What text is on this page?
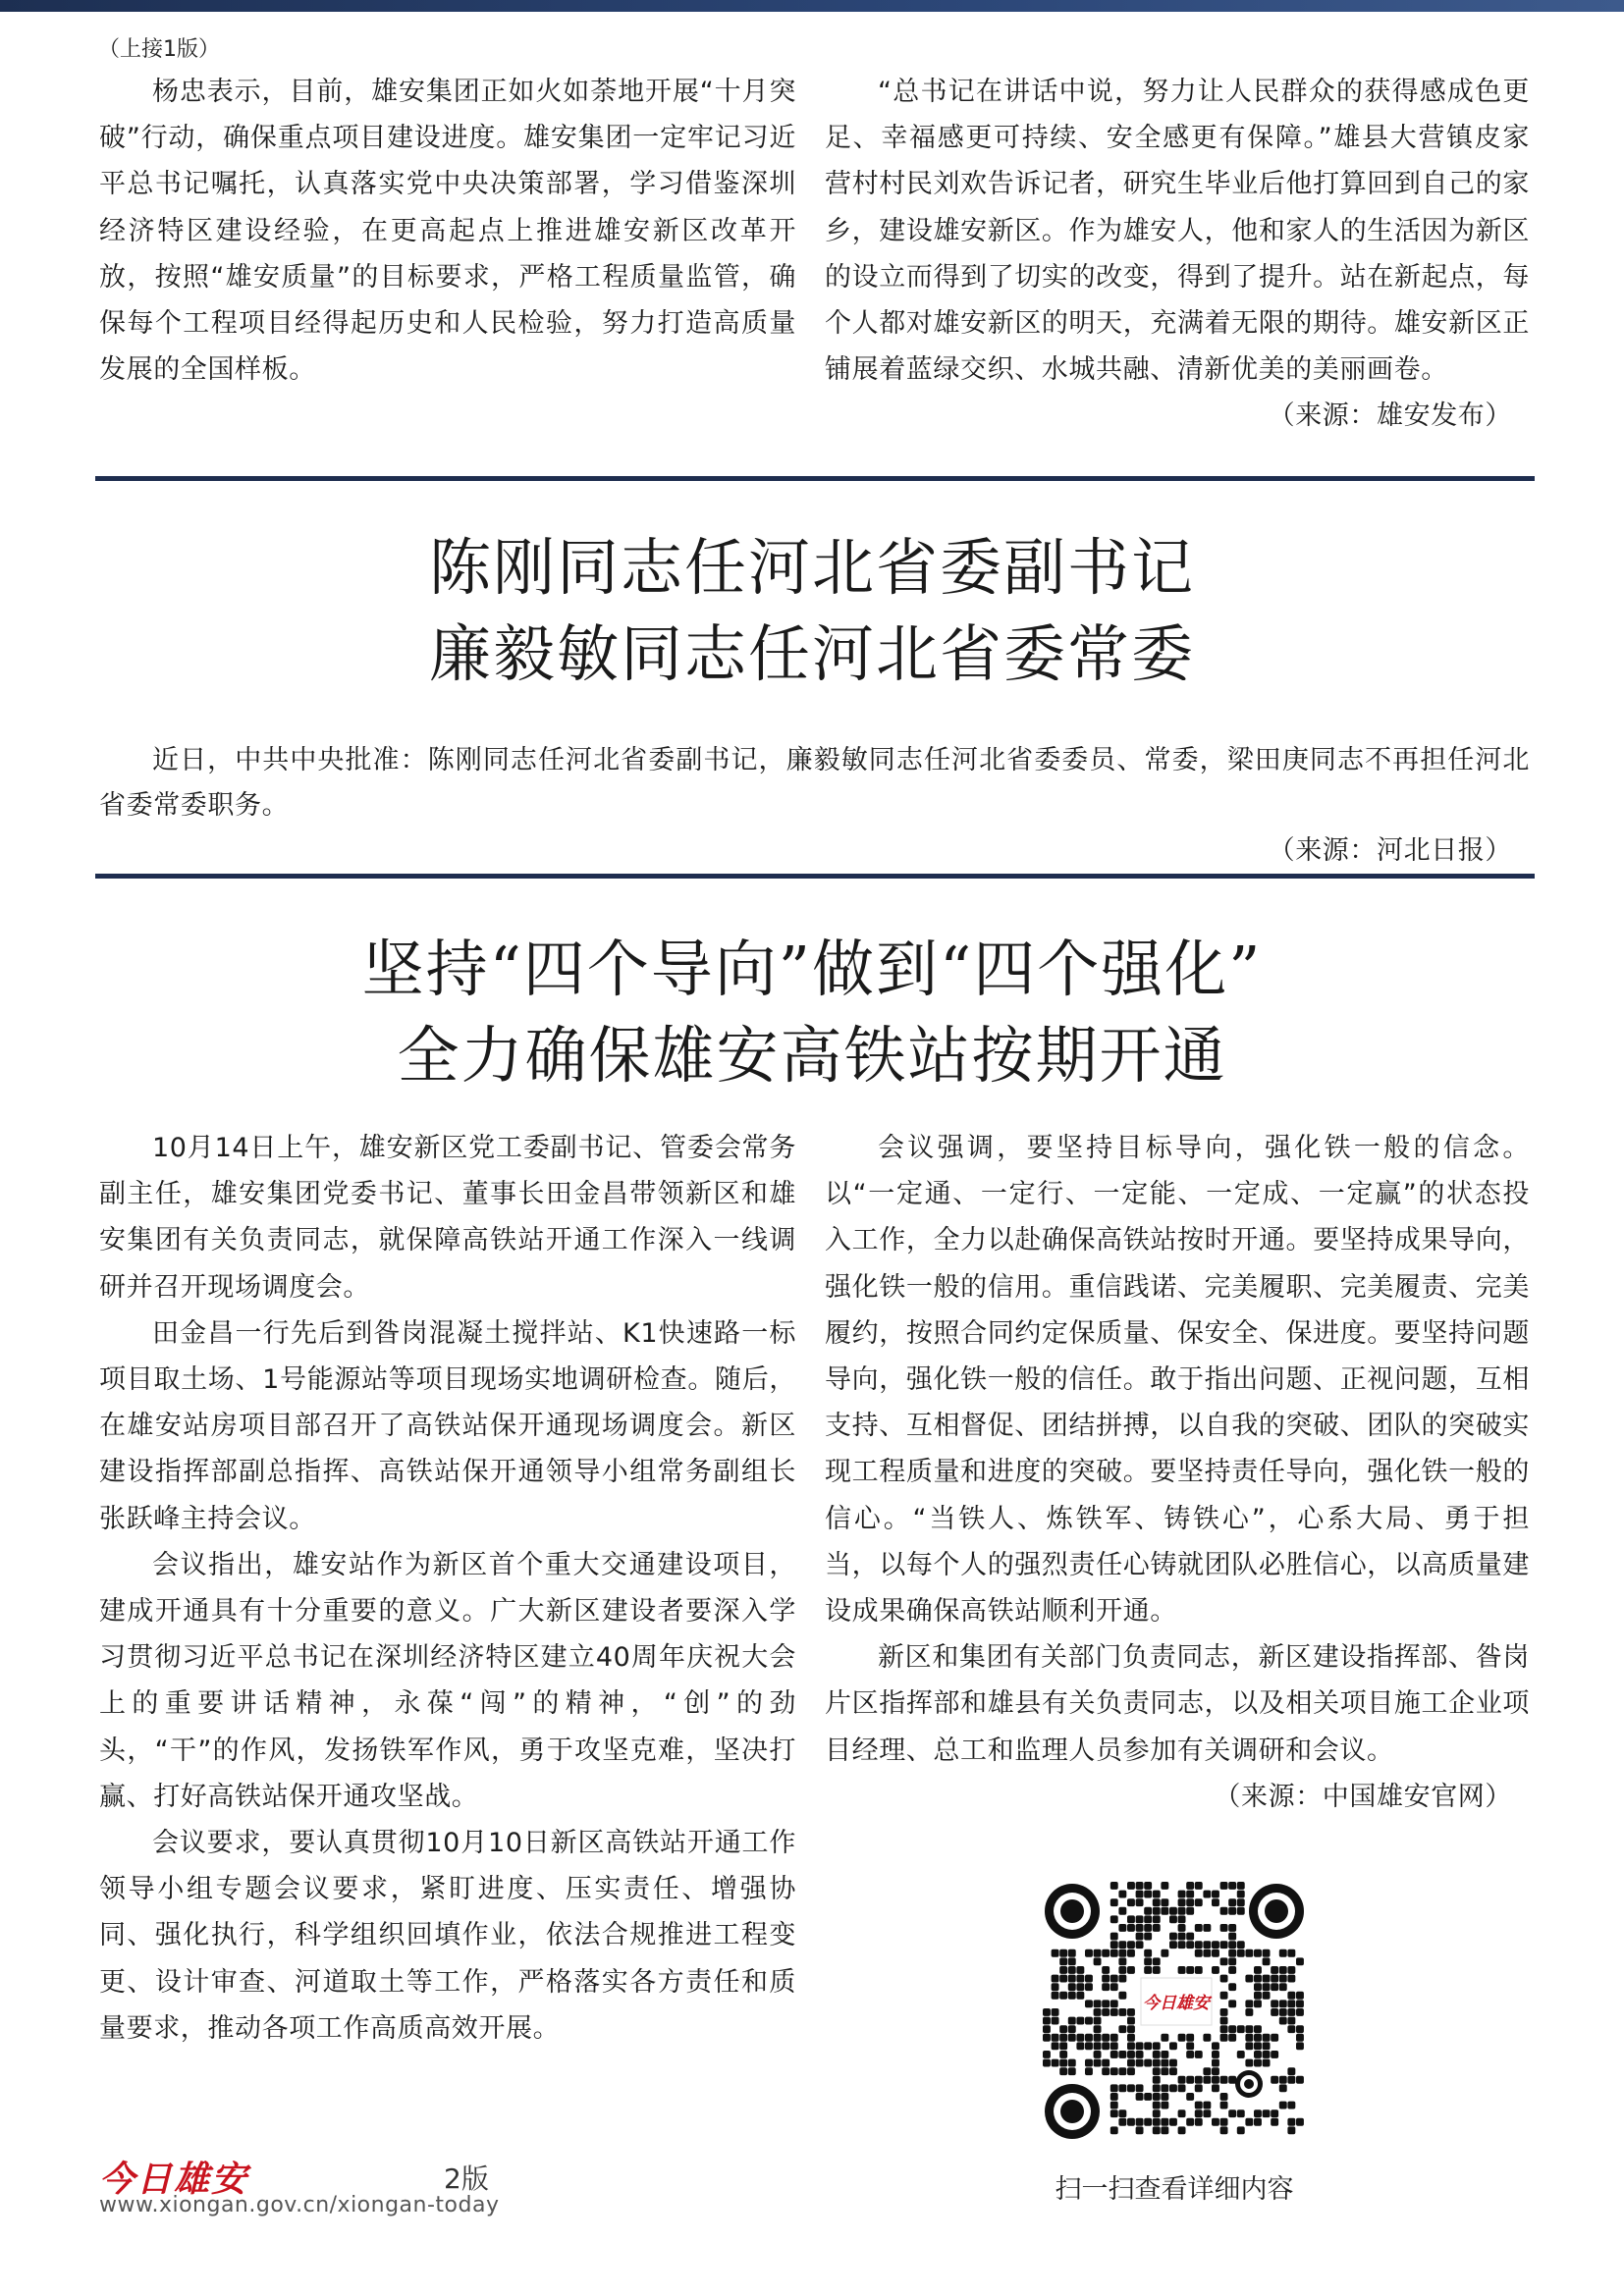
（上接1版）

杨忠表示，目前，雄安集团正如火如荼地开展“十月突破”行动，确保重点项目建设进度。雄安集团一定牢记习近平总书记嘱托，认真落实党中央决策部署，学习借鉴深圳经济特区建设经验，在更高起点上推进雄安新区改革开放，按照“雄安质量”的目标要求，严格工程质量监管，确保每个工程项目经得起历史和人民检验，努力打造高质量发展的全国样板。

“总书记在讲话中说，努力让人民群众的获得感成色更足、幸福感更可持续、安全感更有保障。”雄县大营镇皮家营村村民刘欢告诉记者，研究生毕业后他打算回到自己的家乡，建设雄安新区。作为雄安人，他和家人的生活因为新区的设立而得到了切实的改变，得到了提升。站在新起点，每个人都对雄安新区的明天，充满着无限的期待。雄安新区正铺展着蓝绿交织、水城共融、清新优美的美丽画卷。

（来源：雄安发布）
陈刚同志任河北省委副书记
廉毅敏同志任河北省委常委

近日，中共中央批准：陈刚同志任河北省委副书记，廉毅敏同志任河北省委委员、常委，梁田庚同志不再担任河北省委常委职务。

（来源：河北日报）
坚持“四个导向”做到“四个强化”
全力确保雄安高铁站按期开通

10月14日上午，雄安新区党工委副书记、管委会常务副主任，雄安集团党委书记、董事长田金昌带领新区和雄安集团有关负责同志，就保障高铁站开通工作深入一线调研并召开现场调度会。

田金昌一行先后到昝岗混凝土搅拌站、K1快速路一标项目取土场、1号能源站等项目现场实地调研检查。随后，在雄安站房项目部召开了高铁站保开通现场调度会。新区建设指挥部副总指挥、高铁站保开通领导小组常务副组长张跃峰主持会议。

会议指出，雄安站作为新区首个重大交通建设项目，建成开通具有十分重要的意义。广大新区建设者要深入学习贯彻习近平总书记在深圳经济特区建立40周年庆祝大会上的重要讲话精神，永葆“闯”的精神，“创”的劲头，“干”的作风，发扬铁军作风，勇于攻坚克难，坚决打赢、打好高铁站保开通攻坚战。

会议要求，要认真贯彻10月10日新区高铁站开通工作领导小组专题会议要求，紧盯进度、压实责任、增强协同、强化执行，科学组织回填作业，依法合规推进工程变更、设计审查、河道取土等工作，严格落实各方责任和质量要求，推动各项工作高质高效开展。

会议强调，要坚持目标导向，强化铁一般的信念。以“一定通、一定行、一定能、一定成、一定赢”的状态投入工作，全力以赴确保高铁站按时开通。要坚持成果导向，强化铁一般的信用。重信践诺、完美履职、完美履责、完美履约，按照合同约定保质量、保安全、保进度。要坚持问题导向，强化铁一般的信任。敢于指出问题、正视问题，互相支持、互相督促、团结拼搏，以自我的突破、团队的突破实现工程质量和进度的突破。要坚持责任导向，强化铁一般的信心。“当铁人、炼铁军、铸铁心”，心系大局、勇于担当，以每个人的强烈责任心铸就团队必胜信心，以高质量建设成果确保高铁站顺利开通。

新区和集团有关部门负责同志，新区建设指挥部、昝岗片区指挥部和雄县有关负责同志，以及相关项目施工企业项目经理、总工和监理人员参加有关调研和会议。

（来源：中国雄安官网）
今日雄安
扫一扫查看详细内容
今日雄安	2版
www.xiongan.gov.cn/xiongan-today
